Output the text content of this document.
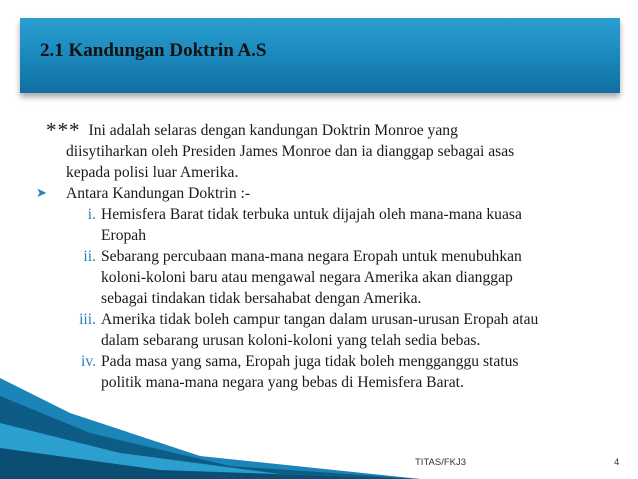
2.1 Kandungan Doktrin A.S

*** Ini adalah selaras dengan kandungan Doktrin Monroe yang

diisytiharkan oleh Presiden James Monroe dan ia dianggap sebagai asas

kepada polisi luar Amerika.

➤ Antara Kandungan Doktrin :-

i. Hemisfera Barat tidak terbuka untuk dijajah oleh mana-mana kuasa
Eropah
ii. Sebarang percubaan mana-mana negara Eropah untuk menubuhkan
koloni-koloni baru atau mengawal negara Amerika akan dianggap
sebagai tindakan tidak bersahabat dengan Amerika.
iii. Amerika tidak boleh campur tangan dalam urusan-urusan Eropah atau
dalam sebarang urusan koloni-koloni yang telah sedia bebas.
iv. Pada masa yang sama, Eropah juga tidak boleh mengganggu status
politik mana-mana negara yang bebas di Hemisfera Barat.
TITAS/FKJ3	4
